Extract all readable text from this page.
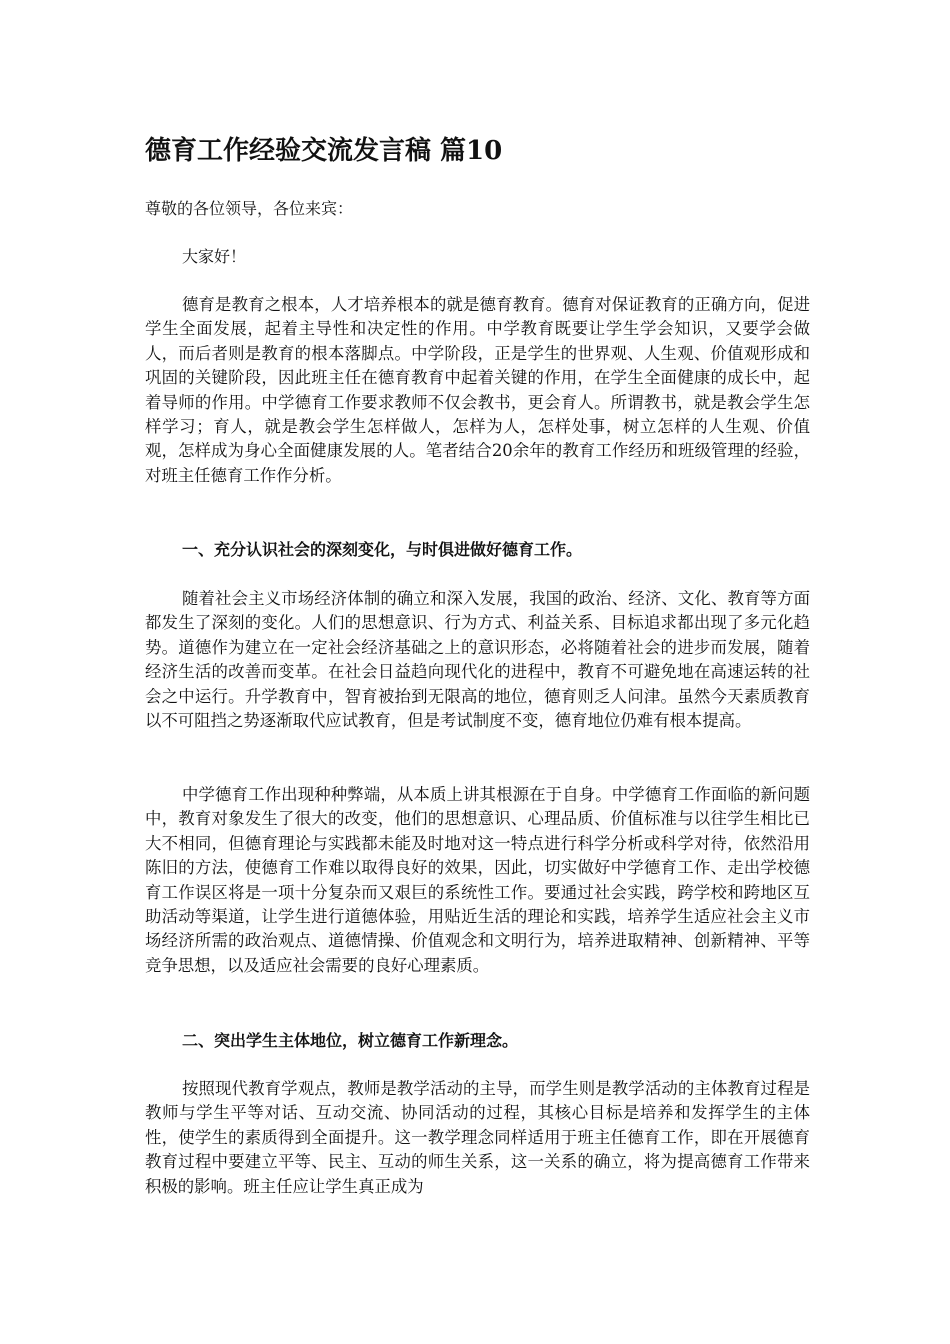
德育工作经验交流发言稿 篇10

尊敬的各位领导，各位来宾：

大家好！

德育是教育之根本，人才培养根本的就是德育教育。德育对保证教育的正确方向，促进学生全面发展，起着主导性和决定性的作用。中学教育既要让学生学会知识，又要学会做人，而后者则是教育的根本落脚点。中学阶段，正是学生的世界观、人生观、价值观形成和巩固的关键阶段，因此班主任在德育教育中起着关键的作用，在学生全面健康的成长中，起着导师的作用。中学德育工作要求教师不仅会教书，更会育人。所谓教书，就是教会学生怎样学习；育人，就是教会学生怎样做人，怎样为人，怎样处事，树立怎样的人生观、价值观，怎样成为身心全面健康发展的人。笔者结合20余年的教育工作经历和班级管理的经验，对班主任德育工作作分析。

一、充分认识社会的深刻变化，与时俱进做好德育工作。

随着社会主义市场经济体制的确立和深入发展，我国的政治、经济、文化、教育等方面都发生了深刻的变化。人们的思想意识、行为方式、利益关系、目标追求都出现了多元化趋势。道德作为建立在一定社会经济基础之上的意识形态，必将随着社会的进步而发展，随着经济生活的改善而变革。在社会日益趋向现代化的进程中，教育不可避免地在高速运转的社会之中运行。升学教育中，智育被抬到无限高的地位，德育则乏人问津。虽然今天素质教育以不可阻挡之势逐渐取代应试教育，但是考试制度不变，德育地位仍难有根本提高。

中学德育工作出现种种弊端，从本质上讲其根源在于自身。中学德育工作面临的新问题中，教育对象发生了很大的改变，他们的思想意识、心理品质、价值标准与以往学生相比已大不相同，但德育理论与实践都未能及时地对这一特点进行科学分析或科学对待，依然沿用陈旧的方法，使德育工作难以取得良好的效果，因此，切实做好中学德育工作、走出学校德育工作误区将是一项十分复杂而又艰巨的系统性工作。要通过社会实践，跨学校和跨地区互助活动等渠道，让学生进行道德体验，用贴近生活的理论和实践，培养学生适应社会主义市场经济所需的政治观点、道德情操、价值观念和文明行为，培养进取精神、创新精神、平等竞争思想，以及适应社会需要的良好心理素质。

二、突出学生主体地位，树立德育工作新理念。

按照现代教育学观点，教师是教学活动的主导，而学生则是教学活动的主体教育过程是教师与学生平等对话、互动交流、协同活动的过程，其核心目标是培养和发挥学生的主体性，使学生的素质得到全面提升。这一教学理念同样适用于班主任德育工作，即在开展德育教育过程中要建立平等、民主、互动的师生关系，这一关系的确立，将为提高德育工作带来积极的影响。班主任应让学生真正成为
